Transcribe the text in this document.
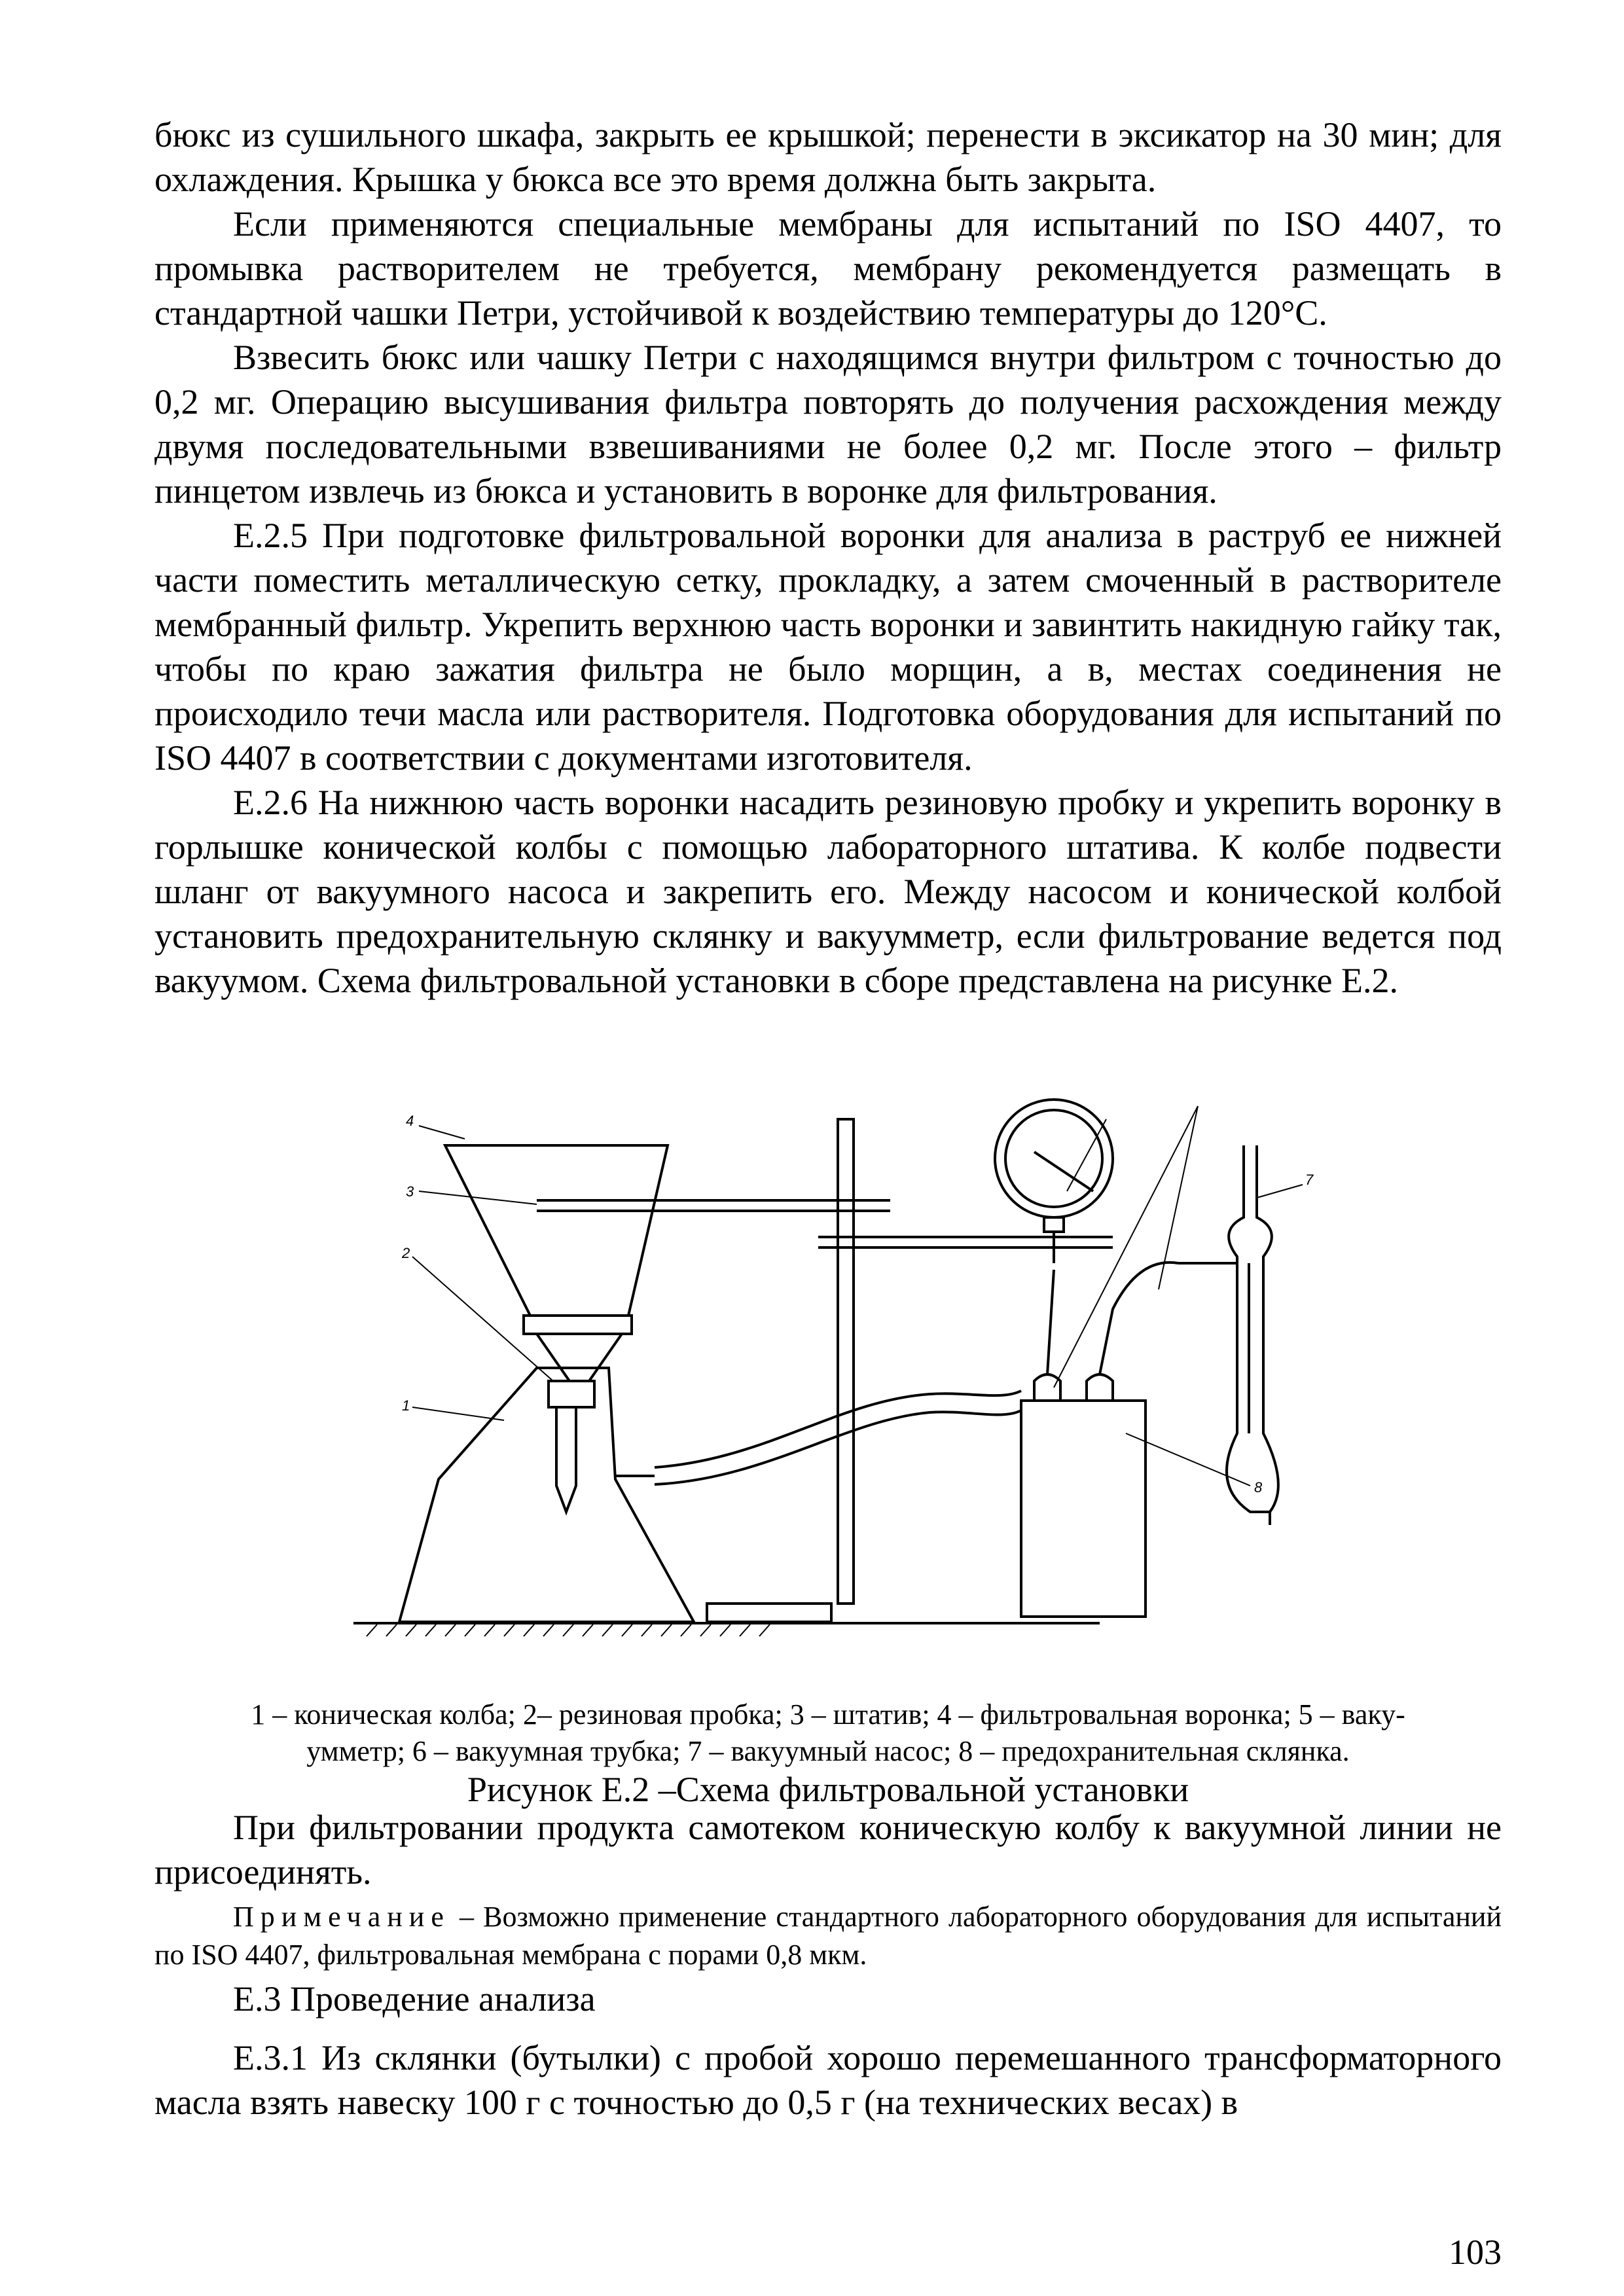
бюкс из сушильного шкафа, закрыть ее крышкой; перенести в эксикатор на 30 мин; для охлаждения. Крышка у бюкса все это время должна быть закрыта.

Если применяются специальные мембраны для испытаний по ISO 4407, то промывка растворителем не требуется, мембрану рекомендуется размещать в стандартной чашки Петри, устойчивой к воздействию температуры до 120°С.

Взвесить бюкс или чашку Петри с находящимся внутри фильтром с точностью до 0,2 мг. Операцию высушивания фильтра повторять до получения расхождения между двумя последовательными взвешиваниями не более 0,2 мг. После этого – фильтр пинцетом извлечь из бюкса и установить в воронке для фильтрования.

Е.2.5 При подготовке фильтровальной воронки для анализа в раструб ее нижней части поместить металлическую сетку, прокладку, а затем смоченный в растворителе мембранный фильтр. Укрепить верхнюю часть воронки и завинтить накидную гайку так, чтобы по краю зажатия фильтра не было морщин, а в, местах соединения не происходило течи масла или растворителя. Подготовка оборудования для испытаний по ISO 4407 в соответствии с документами изготовителя.

Е.2.6 На нижнюю часть воронки насадить резиновую пробку и укрепить воронку в горлышке конической колбы с помощью лабораторного штатива. К колбе подвести шланг от вакуумного насоса и закрепить его. Между насосом и конической колбой установить предохранительную склянку и вакуумметр, если фильтрование ведется под вакуумом. Схема фильтровальной установки в сборе представлена на рисунке Е.2.

4
3
2
1
7
8
1 – коническая колба; 2– резиновая пробка; 3 – штатив; 4 – фильтровальная воронка; 5 – ваку-
умметр; 6 – вакуумная трубка; 7 – вакуумный насос; 8 – предохранительная склянка.
Рисунок Е.2 –Схема фильтровальной установки

При фильтровании продукта самотеком коническую колбу к вакуумной линии не присоединять.

Примечание – Возможно применение стандартного лабораторного оборудования для испытаний по ISO 4407, фильтровальная мембрана с порами 0,8 мкм.

Е.3 Проведение анализа

Е.3.1 Из склянки (бутылки) с пробой хорошо перемешанного трансформаторного масла взять навеску 100 г с точностью до 0,5 г (на технических весах) в

103
